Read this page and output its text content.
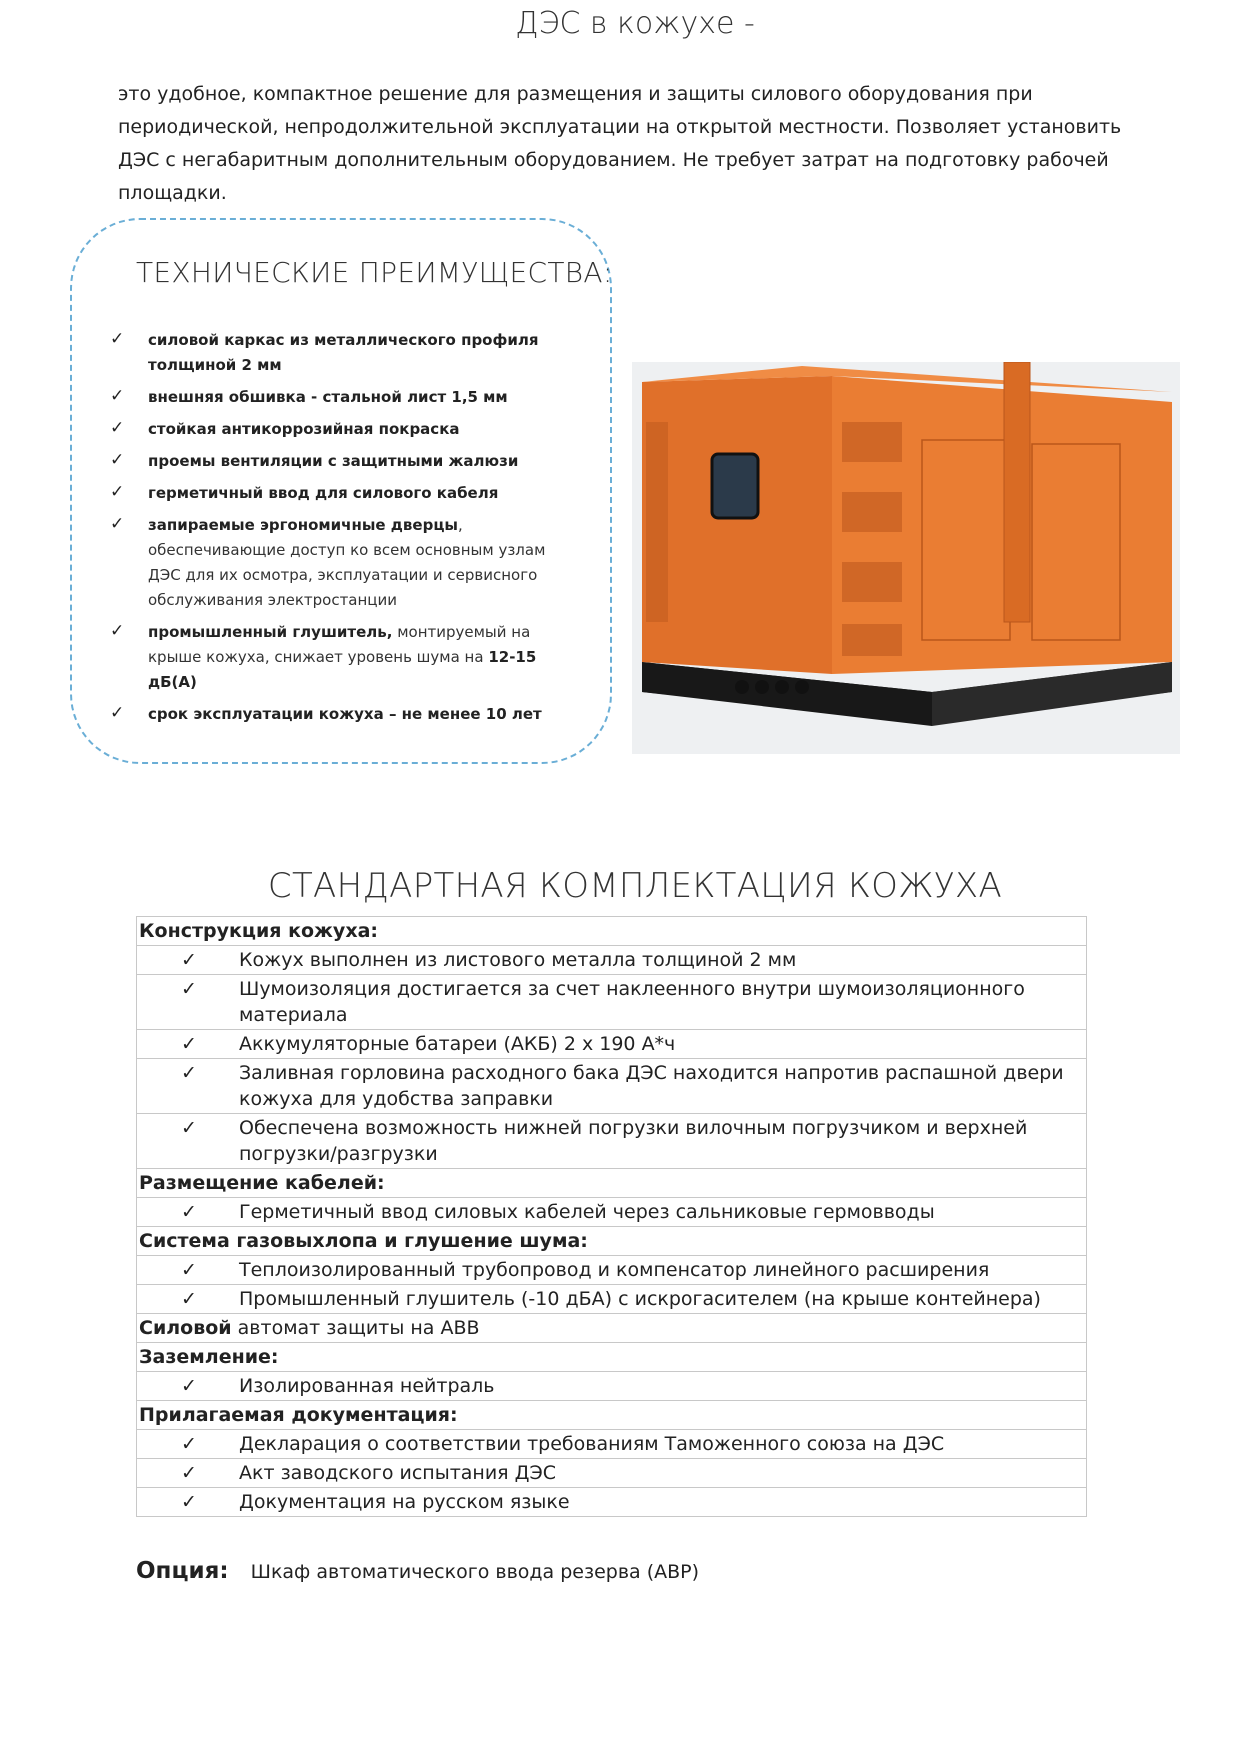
ДЭС в кожухе -
это удобное, компактное решение для размещения и защиты силового оборудования при периодической, непродолжительной эксплуатации на открытой местности. Позволяет установить ДЭС с негабаритным дополнительным оборудованием. Не требует затрат на подготовку рабочей площадки.
ТЕХНИЧЕСКИЕ ПРЕИМУЩЕСТВА:
✓ силовой каркас из металлического профиля толщиной 2 мм
✓ внешняя обшивка - стальной лист 1,5 мм
✓ стойкая антикоррозийная покраска
✓ проемы вентиляции с защитными жалюзи
✓ герметичный ввод для силового кабеля
✓ запираемые эргономичные дверцы, обеспечивающие доступ ко всем основным узлам ДЭС для их осмотра, эксплуатации и сервисного обслуживания электростанции
✓ промышленный глушитель, монтируемый на крыше кожуха, снижает уровень шума на 12-15 дБ(А)
✓ срок эксплуатации кожуха – не менее 10 лет
СТАНДАРТНАЯ КОМПЛЕКТАЦИЯ КОЖУХА
Конструкция кожуха:

✓	Кожух выполнен из листового металла толщиной 2 мм

✓	Шумоизоляция достигается за счет наклеенного внутри шумоизоляционного материала

✓	Аккумуляторные батареи (АКБ) 2 х 190 А*ч

✓	Заливная горловина расходного бака ДЭС находится напротив распашной двери кожуха для удобства заправки

✓	Обеспечена возможность нижней погрузки вилочным погрузчиком и верхней погрузки/разгрузки

Размещение кабелей:

✓	Герметичный ввод силовых кабелей через сальниковые гермовводы

Система газовыхлопа и глушение шума:

✓	Теплоизолированный трубопровод и компенсатор линейного расширения

✓	Промышленный глушитель (-10 дБА) с искрогасителем (на крыше контейнера)

Силовой автомат защиты на ABB
Заземление:

✓	Изолированная нейтраль

Прилагаемая документация:

✓	Декларация о соответствии требованиям Таможенного союза на ДЭС

✓	Акт заводского испытания ДЭС

✓	Документация на русском языке
Опция: Шкаф автоматического ввода резерва (АВР)
